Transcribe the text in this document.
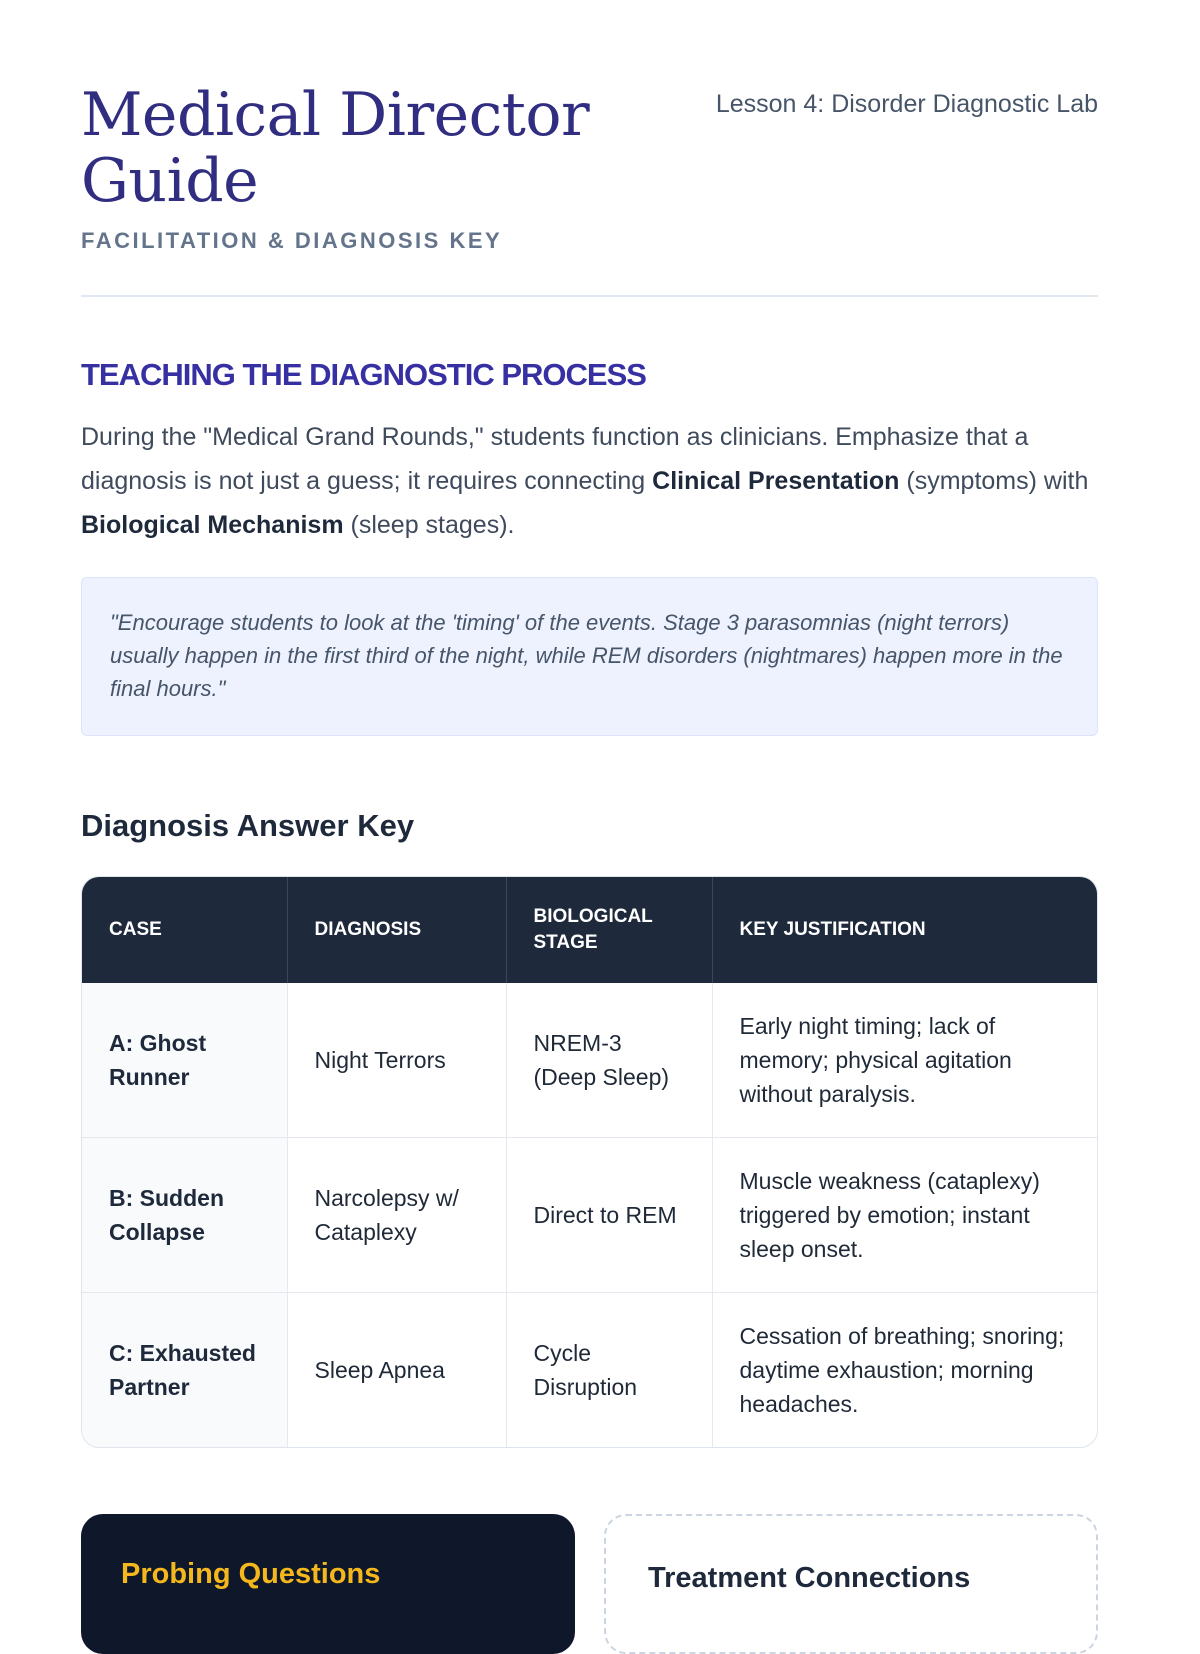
Medical Director Guide
FACILITATION & DIAGNOSIS KEY
Lesson 4: Disorder Diagnostic Lab
TEACHING THE DIAGNOSTIC PROCESS

During the "Medical Grand Rounds," students function as clinicians. Emphasize that a diagnosis is not just a guess; it requires connecting Clinical Presentation (symptoms) with Biological Mechanism (sleep stages).

"Encourage students to look at the 'timing' of the events. Stage 3 parasomnias (night terrors) usually happen in the first third of the night, while REM disorders (nightmares) happen more in the final hours."

Diagnosis Answer Key
CASE	DIAGNOSIS	BIOLOGICAL STAGE	KEY JUSTIFICATION
A: Ghost Runner	Night Terrors	NREM-3 (Deep Sleep)	Early night timing; lack of memory; physical agitation without paralysis.
B: Sudden Collapse	Narcolepsy w/ Cataplexy	Direct to REM	Muscle weakness (cataplexy) triggered by emotion; instant sleep onset.
C: Exhausted Partner	Sleep Apnea	Cycle Disruption	Cessation of breathing; snoring; daytime exhaustion; morning headaches.
Probing Questions	Treatment Connections
